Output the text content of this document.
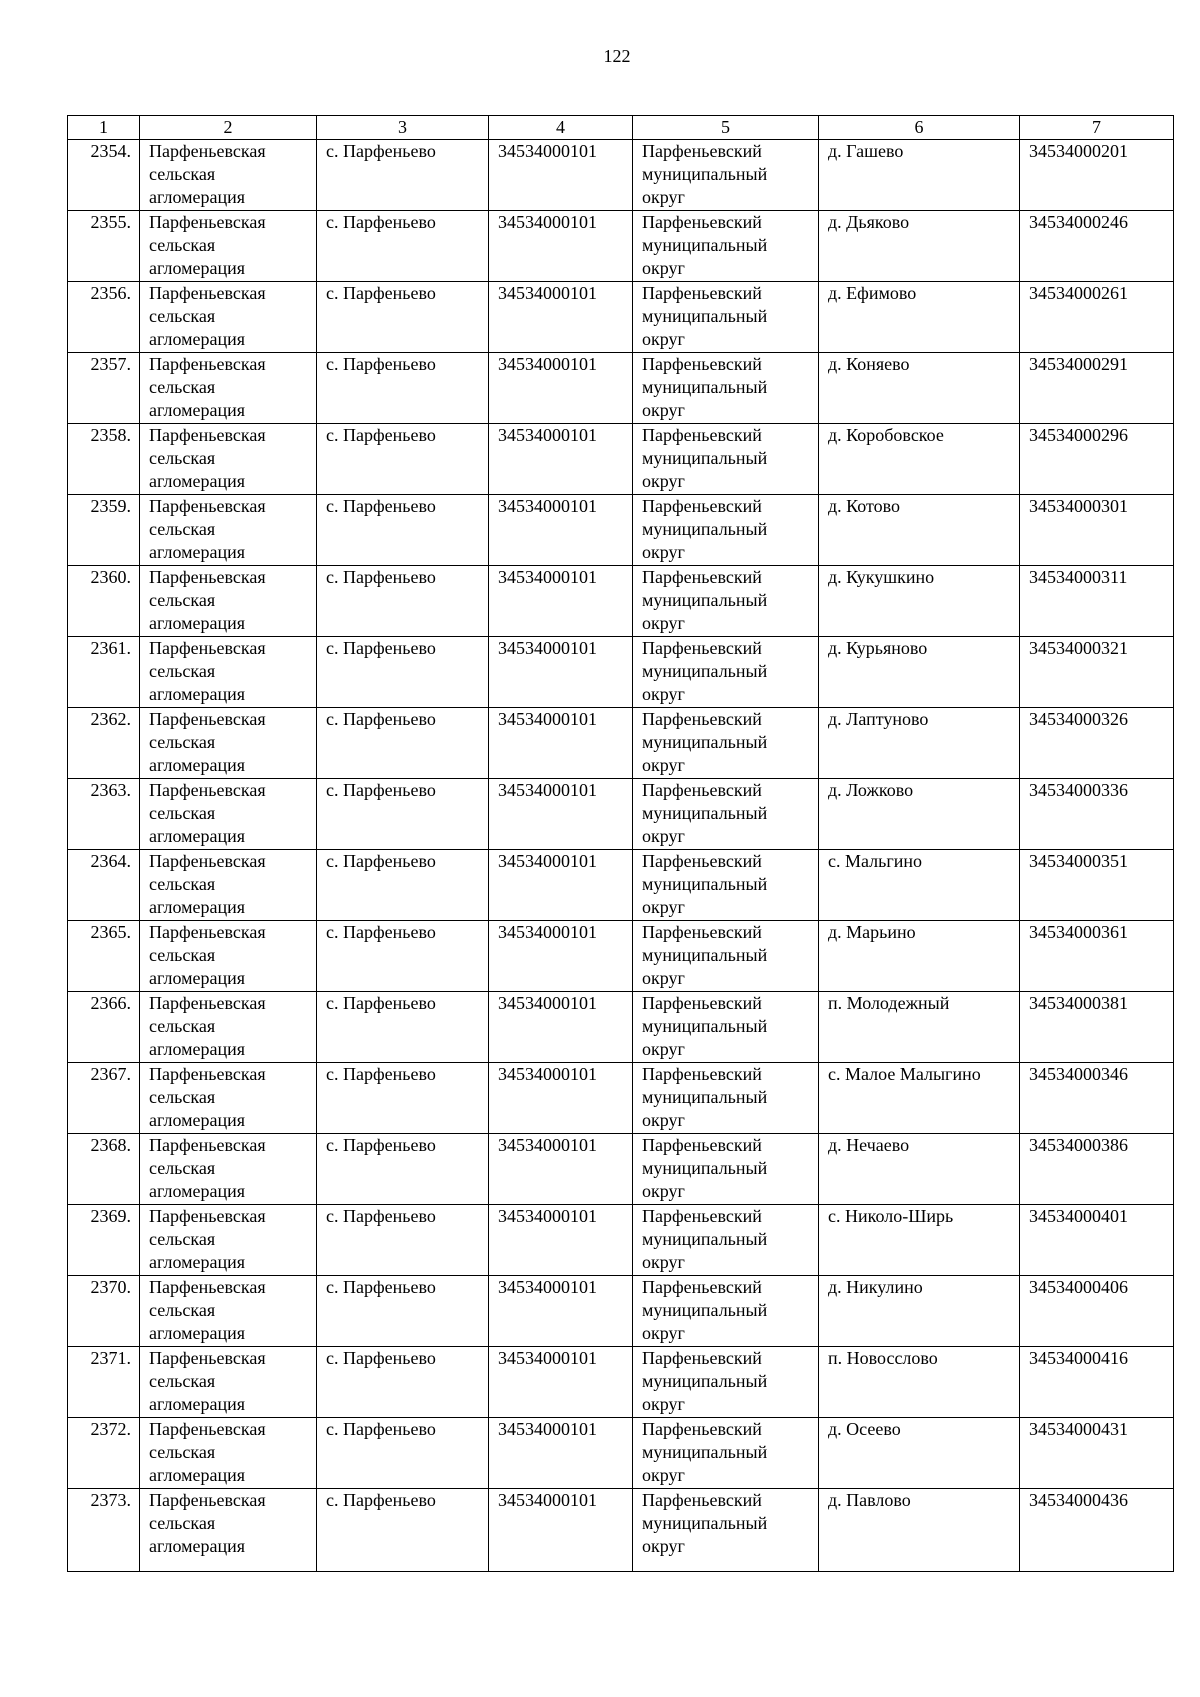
122
1	2	3	4	5	6	7
2354.	Парфеньевская
сельская
агломерация	с. Парфеньево	34534000101	Парфеньевский
муниципальный
округ	д. Гашево	34534000201
2355.	Парфеньевская
сельская
агломерация	с. Парфеньево	34534000101	Парфеньевский
муниципальный
округ	д. Дьяково	34534000246
2356.	Парфеньевская
сельская
агломерация	с. Парфеньево	34534000101	Парфеньевский
муниципальный
округ	д. Ефимово	34534000261
2357.	Парфеньевская
сельская
агломерация	с. Парфеньево	34534000101	Парфеньевский
муниципальный
округ	д. Коняево	34534000291
2358.	Парфеньевская
сельская
агломерация	с. Парфеньево	34534000101	Парфеньевский
муниципальный
округ	д. Коробовское	34534000296
2359.	Парфеньевская
сельская
агломерация	с. Парфеньево	34534000101	Парфеньевский
муниципальный
округ	д. Котово	34534000301
2360.	Парфеньевская
сельская
агломерация	с. Парфеньево	34534000101	Парфеньевский
муниципальный
округ	д. Кукушкино	34534000311
2361.	Парфеньевская
сельская
агломерация	с. Парфеньево	34534000101	Парфеньевский
муниципальный
округ	д. Курьяново	34534000321
2362.	Парфеньевская
сельская
агломерация	с. Парфеньево	34534000101	Парфеньевский
муниципальный
округ	д. Лаптуново	34534000326
2363.	Парфеньевская
сельская
агломерация	с. Парфеньево	34534000101	Парфеньевский
муниципальный
округ	д. Ложково	34534000336
2364.	Парфеньевская
сельская
агломерация	с. Парфеньево	34534000101	Парфеньевский
муниципальный
округ	с. Мальгино	34534000351
2365.	Парфеньевская
сельская
агломерация	с. Парфеньево	34534000101	Парфеньевский
муниципальный
округ	д. Марьино	34534000361
2366.	Парфеньевская
сельская
агломерация	с. Парфеньево	34534000101	Парфеньевский
муниципальный
округ	п. Молодежный	34534000381
2367.	Парфеньевская
сельская
агломерация	с. Парфеньево	34534000101	Парфеньевский
муниципальный
округ	с. Малое Малыгино	34534000346
2368.	Парфеньевская
сельская
агломерация	с. Парфеньево	34534000101	Парфеньевский
муниципальный
округ	д. Нечаево	34534000386
2369.	Парфеньевская
сельская
агломерация	с. Парфеньево	34534000101	Парфеньевский
муниципальный
округ	с. Николо-Ширь	34534000401
2370.	Парфеньевская
сельская
агломерация	с. Парфеньево	34534000101	Парфеньевский
муниципальный
округ	д. Никулино	34534000406
2371.	Парфеньевская
сельская
агломерация	с. Парфеньево	34534000101	Парфеньевский
муниципальный
округ	п. Новосслово	34534000416
2372.	Парфеньевская
сельская
агломерация	с. Парфеньево	34534000101	Парфеньевский
муниципальный
округ	д. Осеево	34534000431
2373.	Парфеньевская
сельская
агломерация	с. Парфеньево	34534000101	Парфеньевский
муниципальный
округ	д. Павлово	34534000436
